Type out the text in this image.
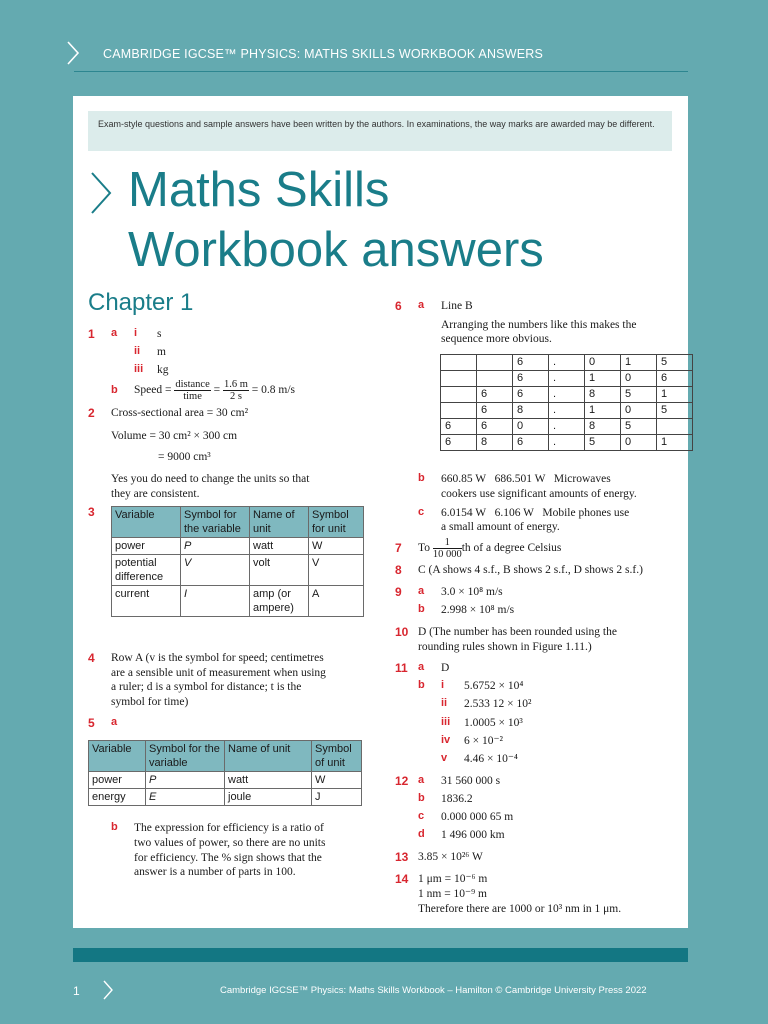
CAMBRIDGE IGCSE™ PHYSICS: MATHS SKILLS WORKBOOK ANSWERS
Exam-style questions and sample answers have been written by the authors. In examinations, the way marks are awarded may be different.
Maths Skills
Workbook answers
Chapter 1
1 a i s
ii m
iii kg
b Speed = $\frac{\text{distance}}{\text{time}} = \frac{1.6 m}{2 s} = 0.8$ m/s
2 Cross-sectional area = 30 cm²
Volume = 30 cm² × 300 cm
= 9000 cm³
Yes you do need to change the units so that
they are consistent.
3 Variable	Symbol for the variable	Name of unit	Symbol for unit
power	P	watt	W
potential difference	V	volt	V
current	I	amp (or ampere)	A
4 Row A (v is the symbol for speed; centimetres
are a sensible unit of measurement when using
a ruler; d is a symbol for distance; t is the
symbol for time)
5 a
Variable	Symbol for the variable	Name of unit	Symbol of unit
power	P	watt	W
energy	E	joule	J
b The expression for efficiency is a ratio of
two values of power, so there are no units
for efficiency. The % sign shows that the
answer is a number of parts in 100.
6 a Line B
Arranging the numbers like this makes the
sequence more obvious.
		6	.	0	1	5
		6	.	1	0	6
	6	6	.	8	5	1
	6	8	.	1	0	5
6	6	0	.	8	5	
6	8	6	.	5	0	1
b 660.85 W   686.501 W   Microwaves
cookers use significant amounts of energy.
c 6.0154 W   6.106 W   Mobile phones use
a small amount of energy.
7 To $\frac{1}{10 000}$ th of a degree Celsius
8 C (A shows 4 s.f., B shows 2 s.f., D shows 2 s.f.)
9 a 3.0 × 10⁸ m/s
b 2.998 × 10⁸ m/s
10 D (The number has been rounded using the
rounding rules shown in Figure 1.11.)
11 a D
b i 5.6752 × 10⁴
ii 2.533 12 × 10²
iii 1.0005 × 10³
iv 6 × 10⁻²
v 4.46 × 10⁻⁴
12 a 31 560 000 s
b 1836.2
c 0.000 000 65 m
d 1 496 000 km
13 3.85 × 10²⁶ W
14 1 μm = 10⁻⁶ m
1 nm = 10⁻⁹ m
Therefore there are 1000 or 10³ nm in 1 μm.
1	Cambridge IGCSE™ Physics: Maths Skills Workbook – Hamilton © Cambridge University Press 2022
